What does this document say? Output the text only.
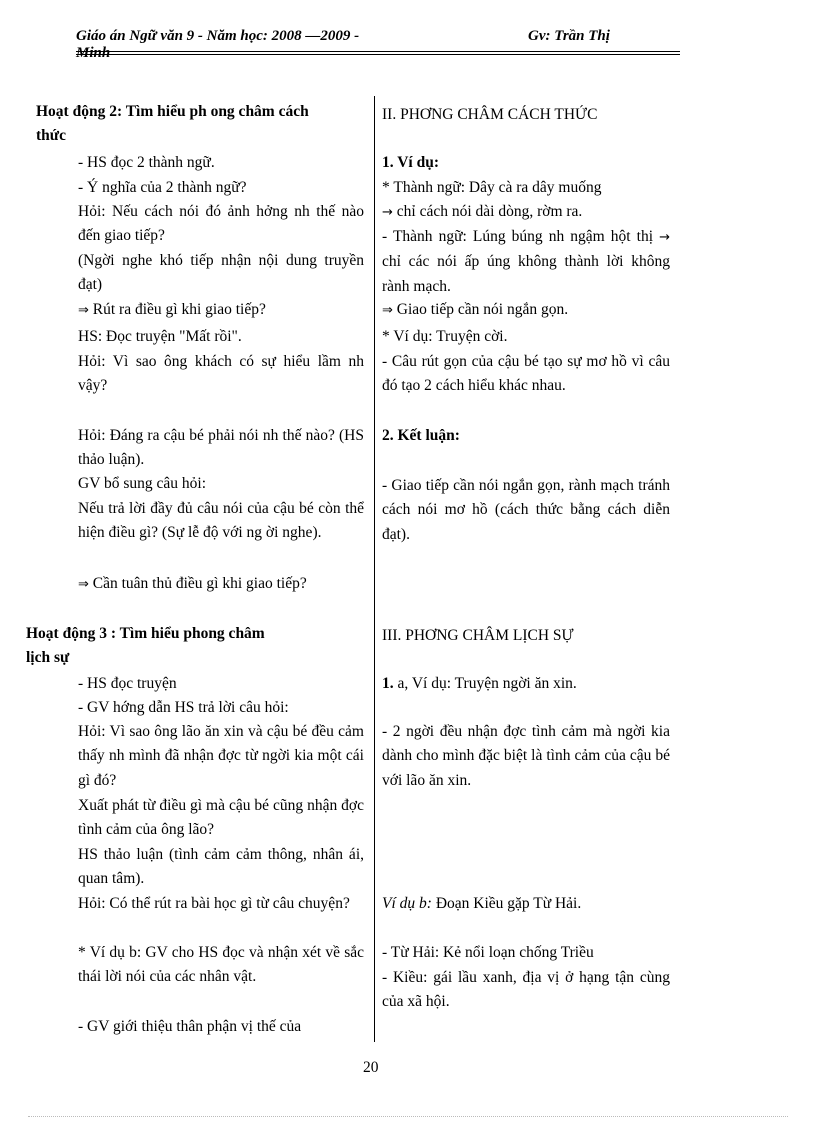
Giáo án Ngữ văn 9 - Năm học: 2008 —2009 -	Gv: Trần Thị
Minh
Hoạt động 2: Tìm hiểu ph ong châm cách
thức
- HS đọc 2 thành ngữ.
- Ý nghĩa của 2 thành ngữ?
Hỏi: Nếu cách nói đó ảnh hởng nh thế nào đến giao tiếp?
(Ngời nghe khó tiếp nhận nội dung truyền đạt)
⇒ Rút ra điều gì khi giao tiếp?
HS: Đọc truyện "Mất rồi".
Hỏi: Vì sao ông khách có sự hiểu lầm nh vậy?
Hỏi: Đáng ra cậu bé phải nói nh thế nào? (HS thảo luận).
GV bổ sung câu hỏi:
Nếu trả lời đầy đủ câu nói của cậu bé còn thể hiện điều gì? (Sự lễ độ với ng ời nghe).
⇒ Cần tuân thủ điều gì khi giao tiếp?
Hoạt động 3 : Tìm hiểu phong châm
lịch sự
- HS đọc truyện
- GV hớng dẫn HS trả lời câu hỏi:
Hỏi: Vì sao ông lão ăn xin và cậu bé đều cảm thấy nh mình đã nhận đợc từ ngời kia một cái gì đó?
Xuất phát từ điều gì mà cậu bé cũng nhận đợc tình cảm của ông lão?
HS thảo luận (tình cảm cảm thông, nhân ái, quan tâm).
Hỏi: Có thể rút ra bài học gì từ câu chuyện?
* Ví dụ b: GV cho HS đọc và nhận xét về sắc thái lời nói của các nhân vật.
- GV giới thiệu thân phận vị thế của
II. PHƠNG CHÂM CÁCH THỨC
1. Ví dụ:
* Thành ngữ: Dây cà ra dây muống
→ chỉ cách nói dài dòng, rờm ra.
- Thành ngữ: Lúng búng nh ngậm hột thị → chỉ các nói ấp úng không thành lời không rành mạch.
⇒ Giao tiếp cần nói ngắn gọn.
* Ví dụ: Truyện cời.
- Câu rút gọn của cậu bé tạo sự mơ hồ vì câu đó tạo 2 cách hiểu khác nhau.
2. Kết luận:
- Giao tiếp cần nói ngắn gọn, rành mạch tránh cách nói mơ hồ (cách thức bằng cách diễn đạt).
III. PHƠNG CHÂM LỊCH SỰ
1. a, Ví dụ: Truyện ngời ăn xin.
- 2 ngời đều nhận đợc tình cảm mà ngời kia dành cho mình đặc biệt là tình cảm của cậu bé với lão ăn xin.
Ví dụ b: Đoạn Kiều gặp Từ Hải.
- Từ Hải: Kẻ nổi loạn chống Triều
- Kiều: gái lầu xanh, địa vị ở hạng tận cùng của xã hội.
20
